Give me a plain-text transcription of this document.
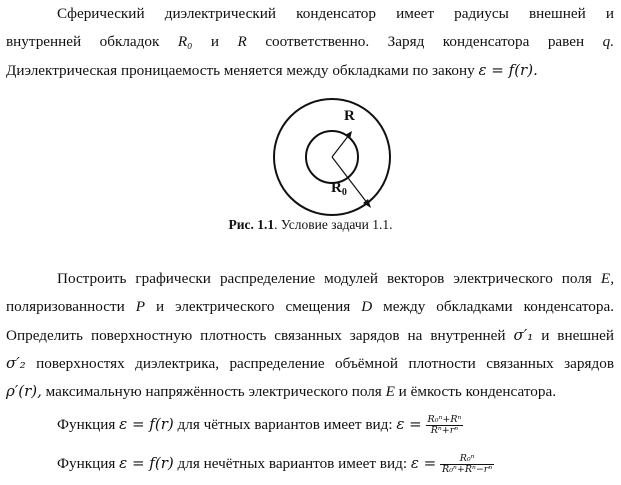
Сферический диэлектрический конденсатор имеет радиусы внешней и
внутренней обкладок R₀ и R соответственно. Заряд конденсатора равен q.
Диэлектрическая проницаемость меняется между обкладками по закону ε = f(r).
R
$R_0$
Рис. 1.1. Условие задачи 1.1.
Построить графически распределение модулей векторов электрического поля E,
поляризованности P и электрического смещения D между обкладками конденсатора.
Определить поверхностную плотность связанных зарядов на внутренней σ′₁ и внешней
σ′₂ поверхностях диэлектрика, распределение объёмной плотности связанных зарядов
ρ′(r), максимальную напряжённость электрического поля E и ёмкость конденсатора.
Функция ε = f(r) для чётных вариантов имеет вид: $\varepsilon = \frac{\text{R₀ⁿ+Rⁿ}}{\text{Rⁿ+rⁿ}}$
Функция ε = f(r) для нечётных вариантов имеет вид: $\varepsilon = \frac{\text{R₀ⁿ}}{\text{R₀ⁿ+Rⁿ−rⁿ}}$
